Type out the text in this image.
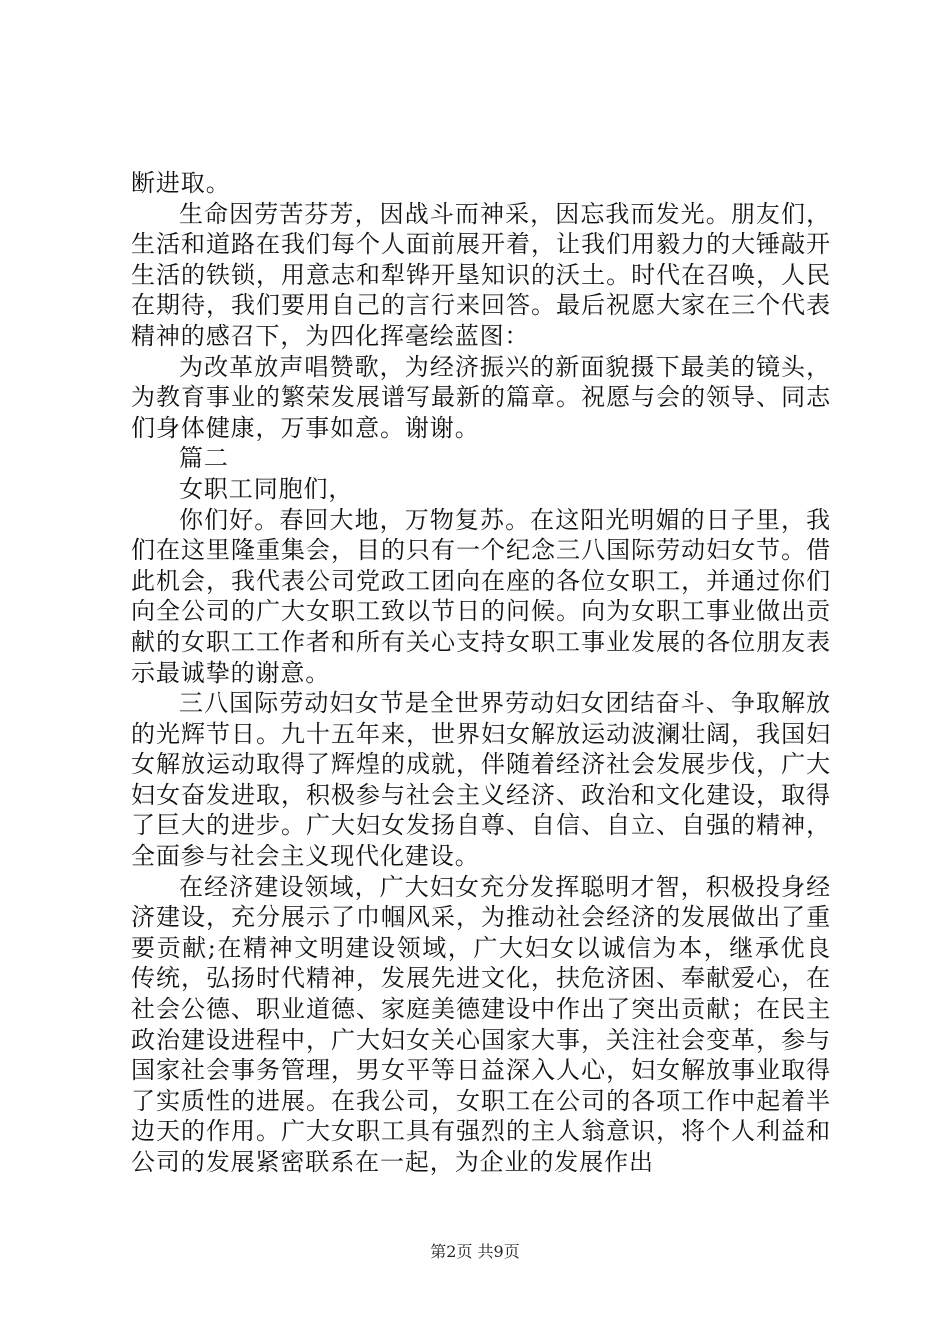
断进取。

生命因劳苦芬芳，因战斗而神采，因忘我而发光。朋友们，生活和道路在我们每个人面前展开着，让我们用毅力的大锤敲开生活的铁锁，用意志和犁铧开垦知识的沃土。时代在召唤，人民在期待，我们要用自己的言行来回答。最后祝愿大家在三个代表精神的感召下，为四化挥毫绘蓝图：

为改革放声唱赞歌，为经济振兴的新面貌摄下最美的镜头，为教育事业的繁荣发展谱写最新的篇章。祝愿与会的领导、同志们身体健康，万事如意。谢谢。

篇二

女职工同胞们，

你们好。春回大地，万物复苏。在这阳光明媚的日子里，我们在这里隆重集会，目的只有一个纪念三八国际劳动妇女节。借此机会，我代表公司党政工团向在座的各位女职工，并通过你们向全公司的广大女职工致以节日的问候。向为女职工事业做出贡献的女职工工作者和所有关心支持女职工事业发展的各位朋友表示最诚挚的谢意。

三八国际劳动妇女节是全世界劳动妇女团结奋斗、争取解放的光辉节日。九十五年来，世界妇女解放运动波澜壮阔，我国妇女解放运动取得了辉煌的成就，伴随着经济社会发展步伐，广大妇女奋发进取，积极参与社会主义经济、政治和文化建设，取得了巨大的进步。广大妇女发扬自尊、自信、自立、自强的精神，全面参与社会主义现代化建设。

在经济建设领域，广大妇女充分发挥聪明才智，积极投身经济建设，充分展示了巾帼风采，为推动社会经济的发展做出了重要贡献;在精神文明建设领域，广大妇女以诚信为本，继承优良传统，弘扬时代精神，发展先进文化，扶危济困、奉献爱心，在社会公德、职业道德、家庭美德建设中作出了突出贡献；在民主政治建设进程中，广大妇女关心国家大事，关注社会变革，参与国家社会事务管理，男女平等日益深入人心，妇女解放事业取得了实质性的进展。在我公司，女职工在公司的各项工作中起着半边天的作用。广大女职工具有强烈的主人翁意识，将个人利益和公司的发展紧密联系在一起，为企业的发展作出

第2页 共9页
